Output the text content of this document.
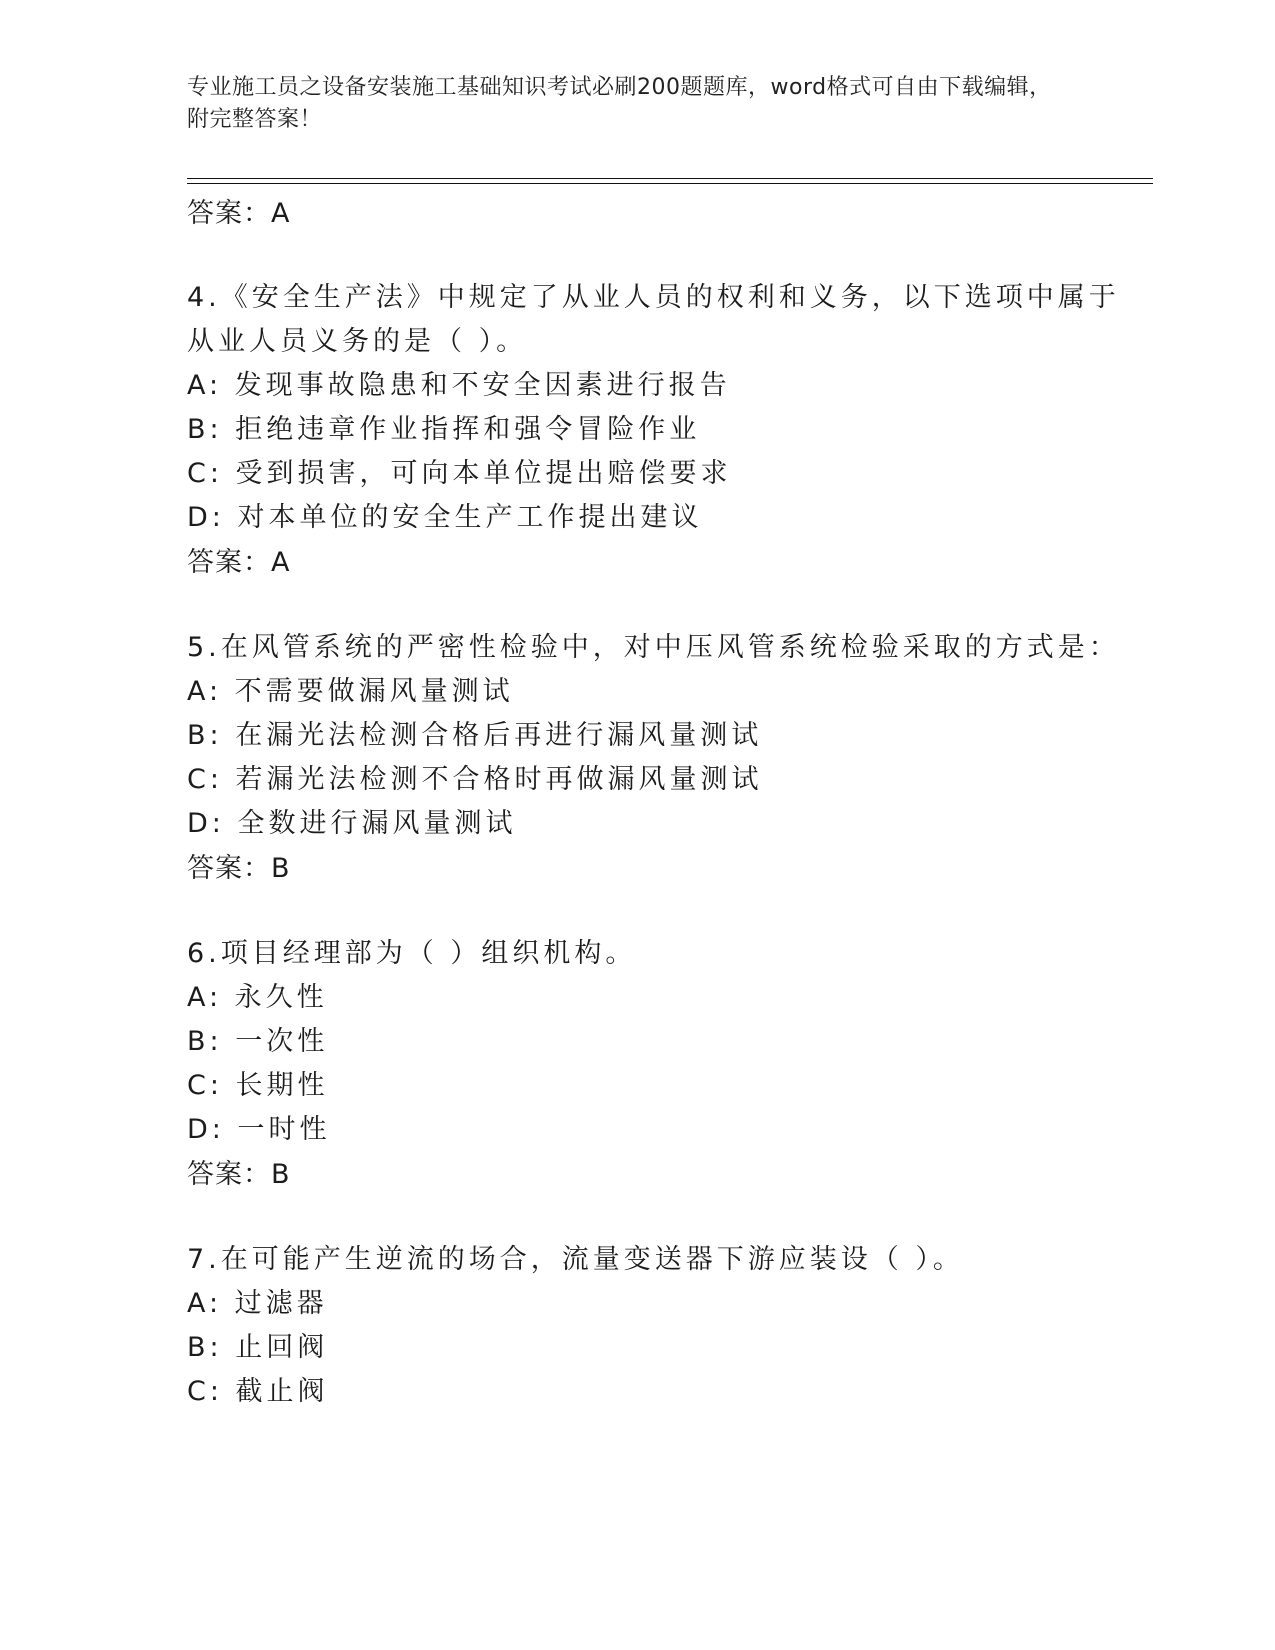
专业施工员之设备安装施工基础知识考试必刷200题题库，word格式可自由下载编辑，附完整答案！
答案：A
4.《安全生产法》中规定了从业人员的权利和义务，以下选项中属于
从业人员义务的是（ ）。
A: 发现事故隐患和不安全因素进行报告
B: 拒绝违章作业指挥和强令冒险作业
C: 受到损害，可向本单位提出赔偿要求
D: 对本单位的安全生产工作提出建议
答案：A
5.在风管系统的严密性检验中，对中压风管系统检验采取的方式是：
A: 不需要做漏风量测试
B: 在漏光法检测合格后再进行漏风量测试
C: 若漏光法检测不合格时再做漏风量测试
D: 全数进行漏风量测试
答案：B
6.项目经理部为（ ）组织机构。
A: 永久性
B: 一次性
C: 长期性
D: 一时性
答案：B
7.在可能产生逆流的场合，流量变送器下游应装设（ ）。
A: 过滤器
B: 止回阀
C: 截止阀
